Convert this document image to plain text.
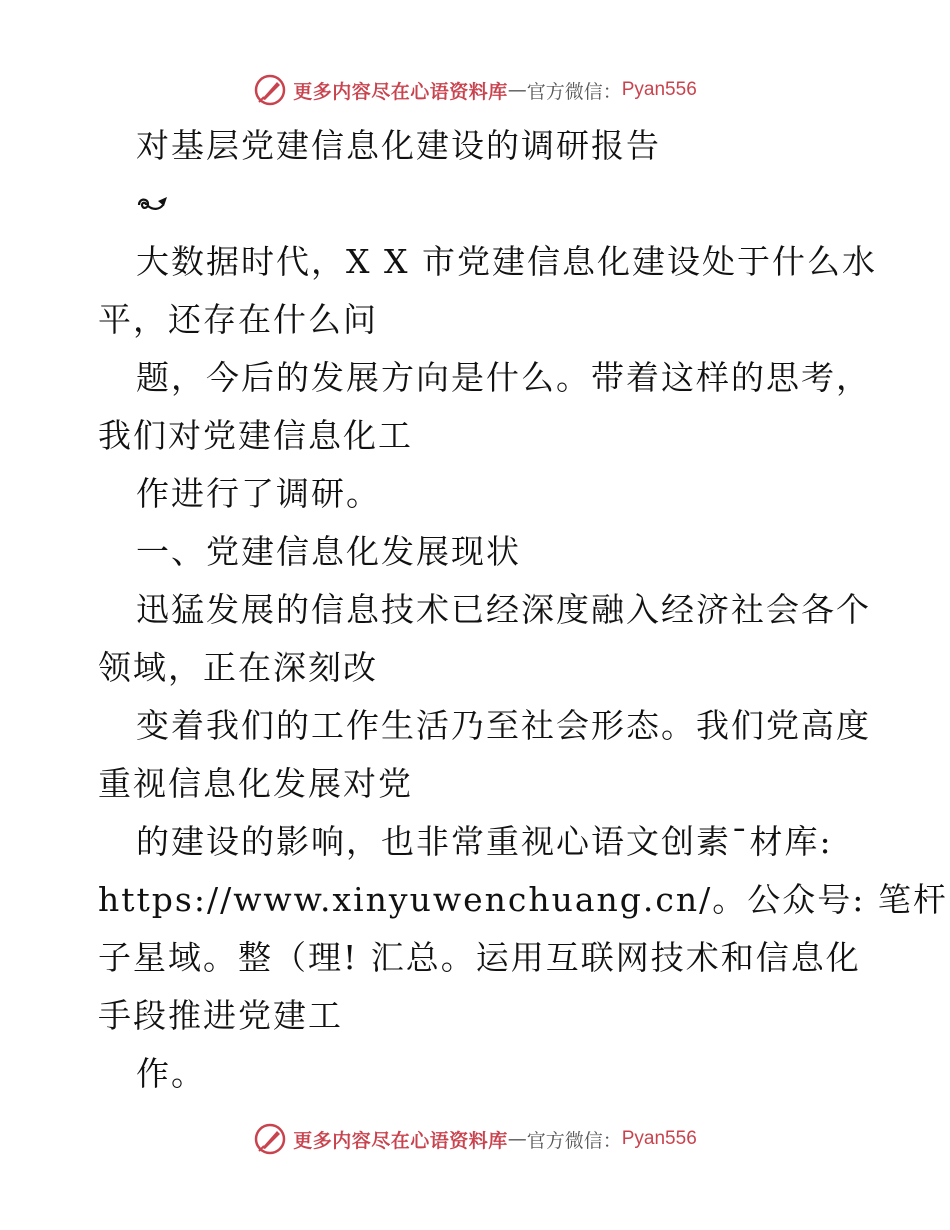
更多内容尽在心语资料库 — 官方微信： Pyan556
对基层党建信息化建设的调研报告
大数据时代，X X 市党建信息化建设处于什么水
平，还存在什么问
题，今后的发展方向是什么。带着这样的思考，
我们对党建信息化工
作进行了调研。
一、党建信息化发展现状
迅猛发展的信息技术已经深度融入经济社会各个
领域，正在深刻改
变着我们的工作生活乃至社会形态。我们党高度
重视信息化发展对党
的建设的影响，也非常重视心语文创素¯材库:
https://www.xinyuwenchuang.cn/。公众号: 笔杆
子星域。整（理! 汇总。运用互联网技术和信息化
手段推进党建工
作。
更多内容尽在心语资料库 — 官方微信： Pyan556
